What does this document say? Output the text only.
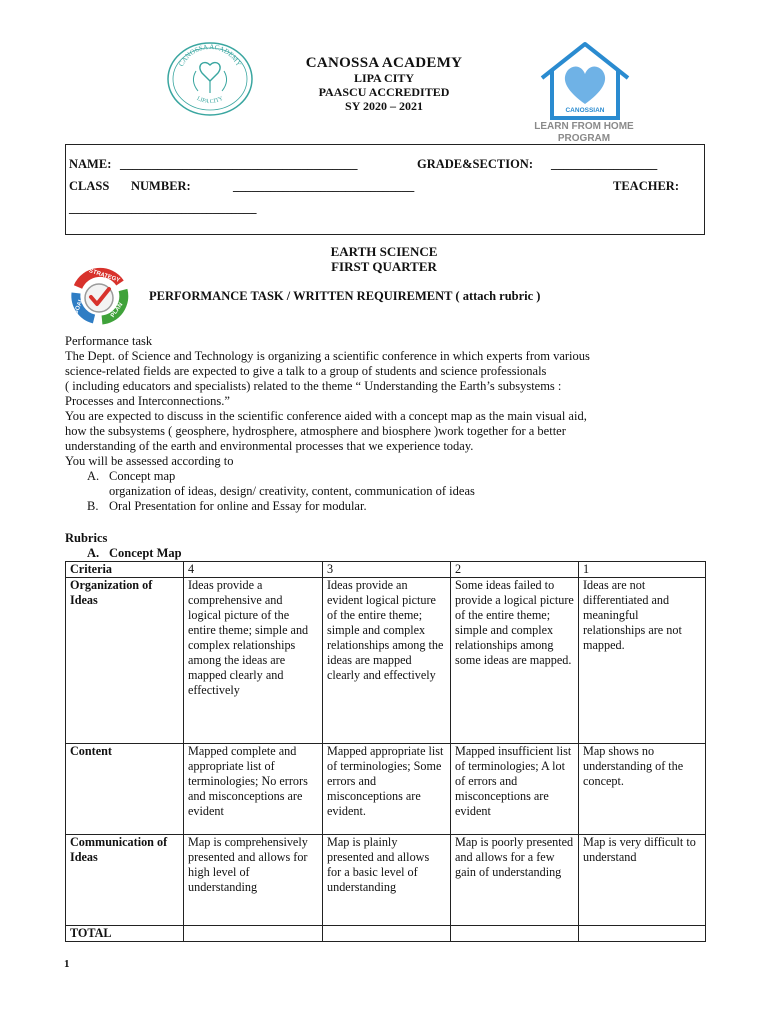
CANOSSA ACADEMY
LIPA CITY
CANOSSA ACADEMY
LIPA CITY
PAASCU ACCREDITED
SY 2020 – 2021	CANOSSIAN
LEARN FROM HOME
PROGRAM
NAME: ______________________________________	GRADE&SECTION: _________________
CLASS NUMBER:	_____________________________	TEACHER:
______________________________
EARTH SCIENCE
FIRST QUARTER
STRATEGY
GOAL	PLAN
PERFORMANCE TASK / WRITTEN REQUIREMENT ( attach rubric )

Performance task

The Dept. of Science and Technology is organizing a scientific conference in which experts from various

science-related fields are expected to give a talk to a group of students and science professionals

( including educators and specialists) related to the theme “ Understanding the Earth’s subsystems :

Processes and Interconnections.”

You are expected to discuss in the scientific conference aided with a concept map as the main visual aid,

how the subsystems ( geosphere, hydrosphere, atmosphere and biosphere )work together for a better

understanding of the earth and environmental processes that we experience today.

You will be assessed according to

A. Concept map

organization of ideas, design/ creativity, content, communication of ideas

B. Oral Presentation for online and Essay for modular.

Rubrics
A. Concept Map
Criteria	4	3	2	1
Organization of Ideas	Ideas provide a comprehensive and logical picture of the entire theme; simple and complex relationships among the ideas are mapped clearly and effectively	Ideas provide an evident logical picture of the entire theme; simple and complex relationships among the ideas are mapped clearly and effectively	Some ideas failed to provide a logical picture of the entire theme; simple and complex relationships among some ideas are mapped.	Ideas are not differentiated and meaningful relationships are not mapped.
Content	Mapped complete and appropriate list of terminologies; No errors and misconceptions are evident	Mapped appropriate list of terminologies; Some errors and misconceptions are evident.	Mapped insufficient list of terminologies; A lot of errors and misconceptions are evident	Map shows no understanding of the concept.
Communication of Ideas	Map is comprehensively presented and allows for high level of understanding	Map is plainly presented and allows for a basic level of understanding	Map is poorly presented and allows for a few gain of understanding	Map is very difficult to understand
TOTAL				
1
